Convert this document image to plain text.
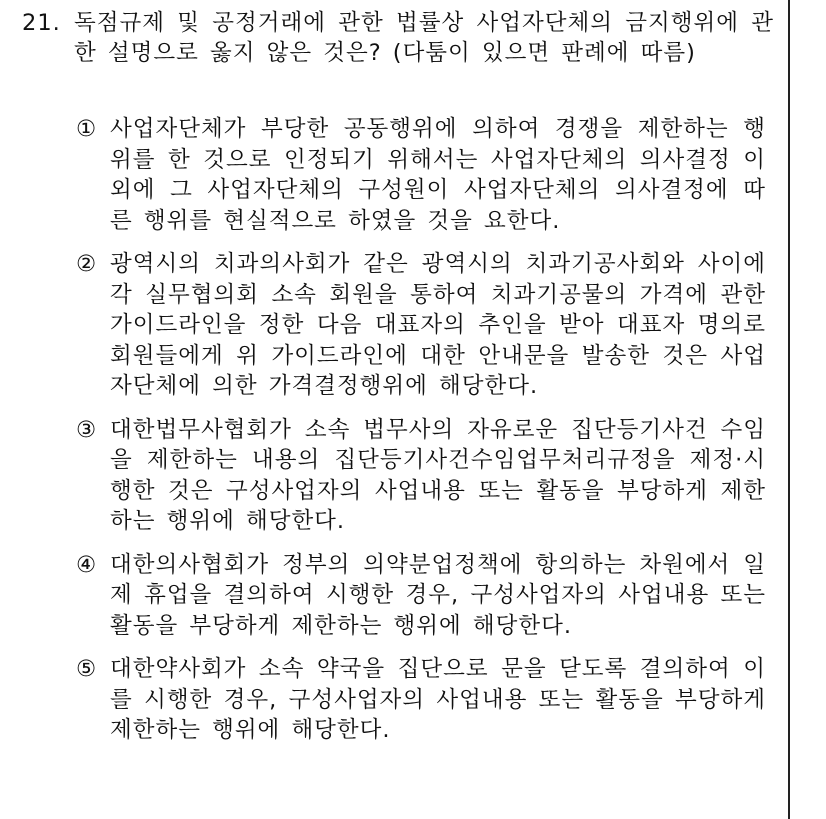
21. 독점규제 및 공정거래에 관한 법률상 사업자단체의 금지행위에 관한 설명으로 옳지 않은 것은? (다툼이 있으면 판례에 따름)
① 사업자단체가 부당한 공동행위에 의하여 경쟁을 제한하는 행위를 한 것으로 인정되기 위해서는 사업자단체의 의사결정 이외에 그 사업자단체의 구성원이 사업자단체의 의사결정에 따른 행위를 현실적으로 하였을 것을 요한다.
② 광역시의 치과의사회가 같은 광역시의 치과기공사회와 사이에 각 실무협의회 소속 회원을 통하여 치과기공물의 가격에 관한 가이드라인을 정한 다음 대표자의 추인을 받아 대표자 명의로 회원들에게 위 가이드라인에 대한 안내문을 발송한 것은 사업자단체에 의한 가격결정행위에 해당한다.
③ 대한법무사협회가 소속 법무사의 자유로운 집단등기사건 수임을 제한하는 내용의 집단등기사건수임업무처리규정을 제정·시행한 것은 구성사업자의 사업내용 또는 활동을 부당하게 제한하는 행위에 해당한다.
④ 대한의사협회가 정부의 의약분업정책에 항의하는 차원에서 일제 휴업을 결의하여 시행한 경우, 구성사업자의 사업내용 또는 활동을 부당하게 제한하는 행위에 해당한다.
⑤ 대한약사회가 소속 약국을 집단으로 문을 닫도록 결의하여 이를 시행한 경우, 구성사업자의 사업내용 또는 활동을 부당하게 제한하는 행위에 해당한다.
